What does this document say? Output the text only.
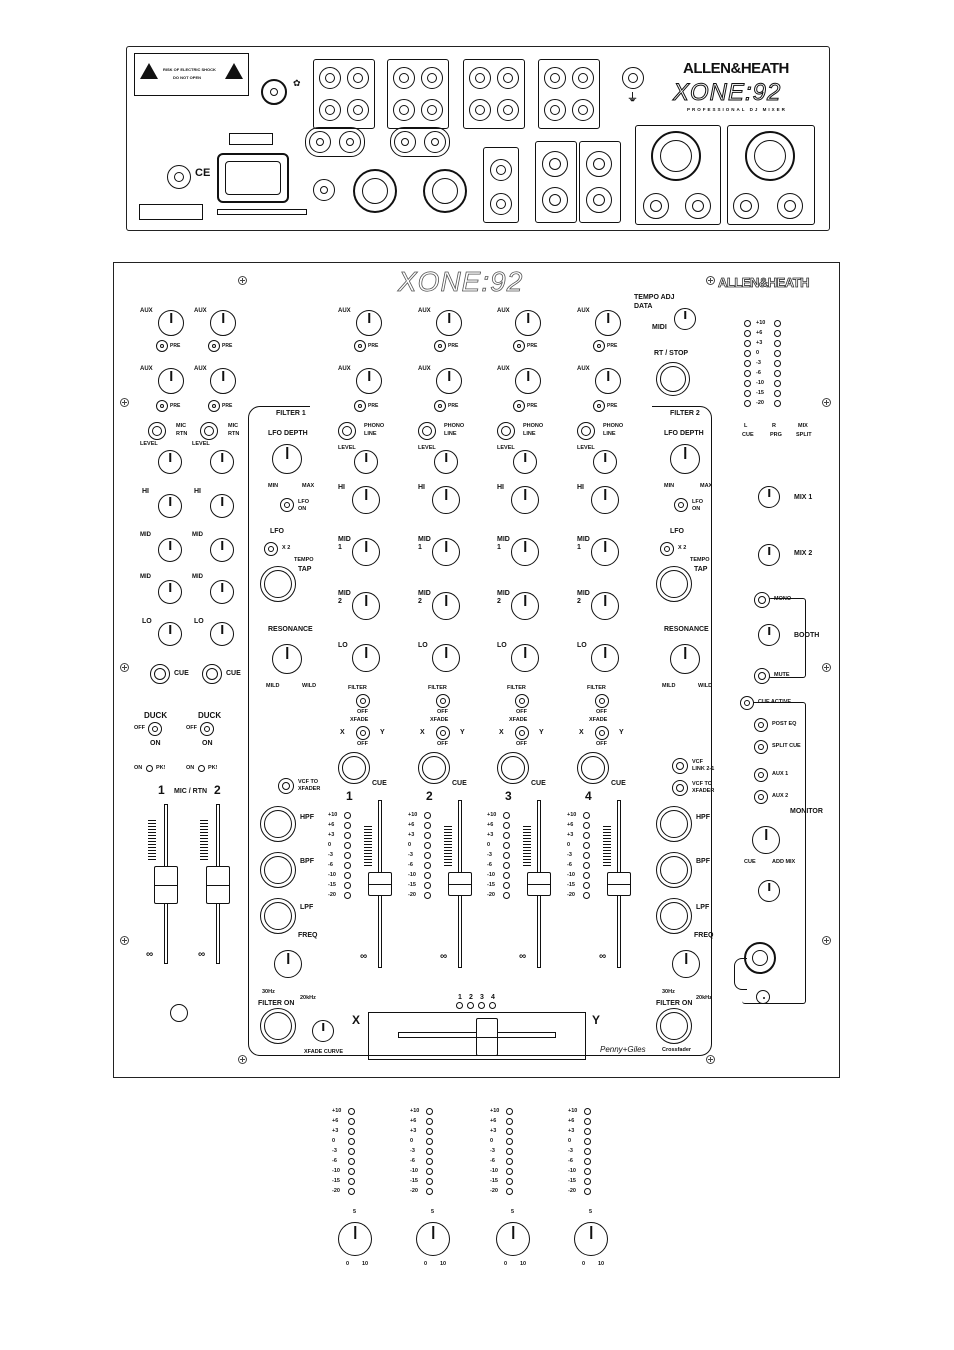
RISK OF ELECTRIC SHOCK
DO NOT OPEN
✿
⏚
ALLEN&HEATH
XONE:92
PROFESSIONAL DJ MIXER
CE
XONE:92	ALLEN&HEATH
FILTER 1	FILTER 2
LFO DEPTH
MIN	MAX
LFO
ON
LFO
X 2
TEMPO
TAP
RESONANCE
MILD	WILD
VCF TO
XFADER
HPF
BPF
LPF
FREQ
30Hz
20kHz
FILTER ON
XFADE CURVE
LFO DEPTH
MIN	MAX
LFO
ON
LFO
X 2
TEMPO
TAP
RESONANCE
MILD	WILD
VCF
LINK 2-1
VCF TO
XFADER
HPF
BPF
LPF
FREQ
30Hz
20kHz
FILTER ON
Penny+Giles	Crossfader
X	Y
1 2 3 4
TEMPO ADJ
DATA
MIDI
RT / STOP
L	R	MIX
CUE	PRG	SPLIT
MIX 1
MIX 2
MONO
BOOTH
MUTE
CUE ACTIVE
POST EQ
SPLIT CUE
AUX 1
AUX 2
MONITOR
CUE	ADD MIX
AUX	AUX
PRE	PRE
AUX	AUX
PRE	PRE
MIC
RTN
MIC
RTN
LEVEL	LEVEL
HI	HI
MID	MID
MID	MID
LO	LO
CUE	CUE
DUCK	DUCK
OFF	OFF
ON	ON
ON	PK!	ON	PK!
1 MIC / RTN 2
∞	∞
AUX
PRE
AUX
PRE
PHONO
LINE
LEVEL
HI
MID
1
MID
2
LO
FILTER
OFF
XFADE
X	Y
OFF
CUE
1
+10
+6
+3
0
-3
-6
-10
-15
-20
∞
AUX
PRE
AUX
PRE
PHONO
LINE
LEVEL
HI
MID
1
MID
2
LO
FILTER
OFF
XFADE
X	Y
OFF
CUE
2
+10
+6
+3
0
-3
-6
-10
-15
-20
∞
AUX
PRE
AUX
PRE
PHONO
LINE
LEVEL
HI
MID
1
MID
2
LO
FILTER
OFF
XFADE
X	Y
OFF
CUE
3
+10
+6
+3
0
-3
-6
-10
-15
-20
∞
AUX
PRE
AUX
PRE
PHONO
LINE
LEVEL
HI
MID
1
MID
2
LO
FILTER
OFF
XFADE
X	Y
OFF
CUE
4
+10
+6
+3
0
-3
-6
-10
-15
-20
∞
+10
+6
+3
0
-3
-6
-10
-15
-20
+10
+6
+3
0
-3
-6
-10
-15
-20
0 10
5
+10
+6
+3
0
-3
-6
-10
-15
-20
0 10
5
+10
+6
+3
0
-3
-6
-10
-15
-20
0 10
5
+10
+6
+3
0
-3
-6
-10
-15
-20
0 10
5
